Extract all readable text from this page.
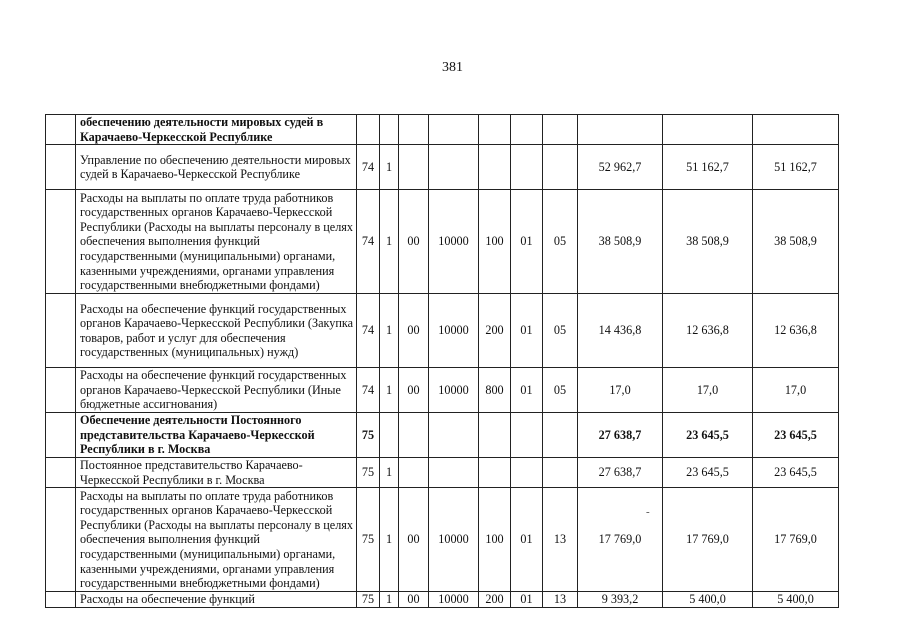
381
	обеспечению деятельности мировых судей в Карачаево-Черкесской Республике										
	Управление по обеспечению деятельности мировых судей в Карачаево-Черкесской Республике	74	1						52 962,7	51 162,7	51 162,7
	Расходы на выплаты по оплате труда работников государственных органов Карачаево-Черкесской Республики (Расходы на выплаты персоналу в целях обеспечения выполнения функций государственными (муниципальными) органами, казенными учреждениями, органами управления государственными внебюджетными фондами)	74	1	00	10000	100	01	05	38 508,9	38 508,9	38 508,9
	Расходы на обеспечение функций государственных органов Карачаево-Черкесской Республики (Закупка товаров, работ и услуг для обеспечения государственных (муниципальных) нужд)	74	1	00	10000	200	01	05	14 436,8	12 636,8	12 636,8
	Расходы на обеспечение функций государственных органов Карачаево-Черкесской Республики (Иные бюджетные ассигнования)	74	1	00	10000	800	01	05	17,0	17,0	17,0
	Обеспечение деятельности Постоянного представительства Карачаево-Черкесской Республики в г. Москва	75							27 638,7	23 645,5	23 645,5
	Постоянное представительство Карачаево-Черкесской Республики в г. Москва	75	1						27 638,7	23 645,5	23 645,5
	Расходы на выплаты по оплате труда работников государственных органов Карачаево-Черкесской Республики (Расходы на выплаты персоналу в целях обеспечения выполнения функций государственными (муниципальными) органами, казенными учреждениями, органами управления государственными внебюджетными фондами)	75	1	00	10000	100	01	13	17 769,0	17 769,0	17 769,0
	Расходы на обеспечение функций	75	1	00	10000	200	01	13	9 393,2	5 400,0	5 400,0
-
